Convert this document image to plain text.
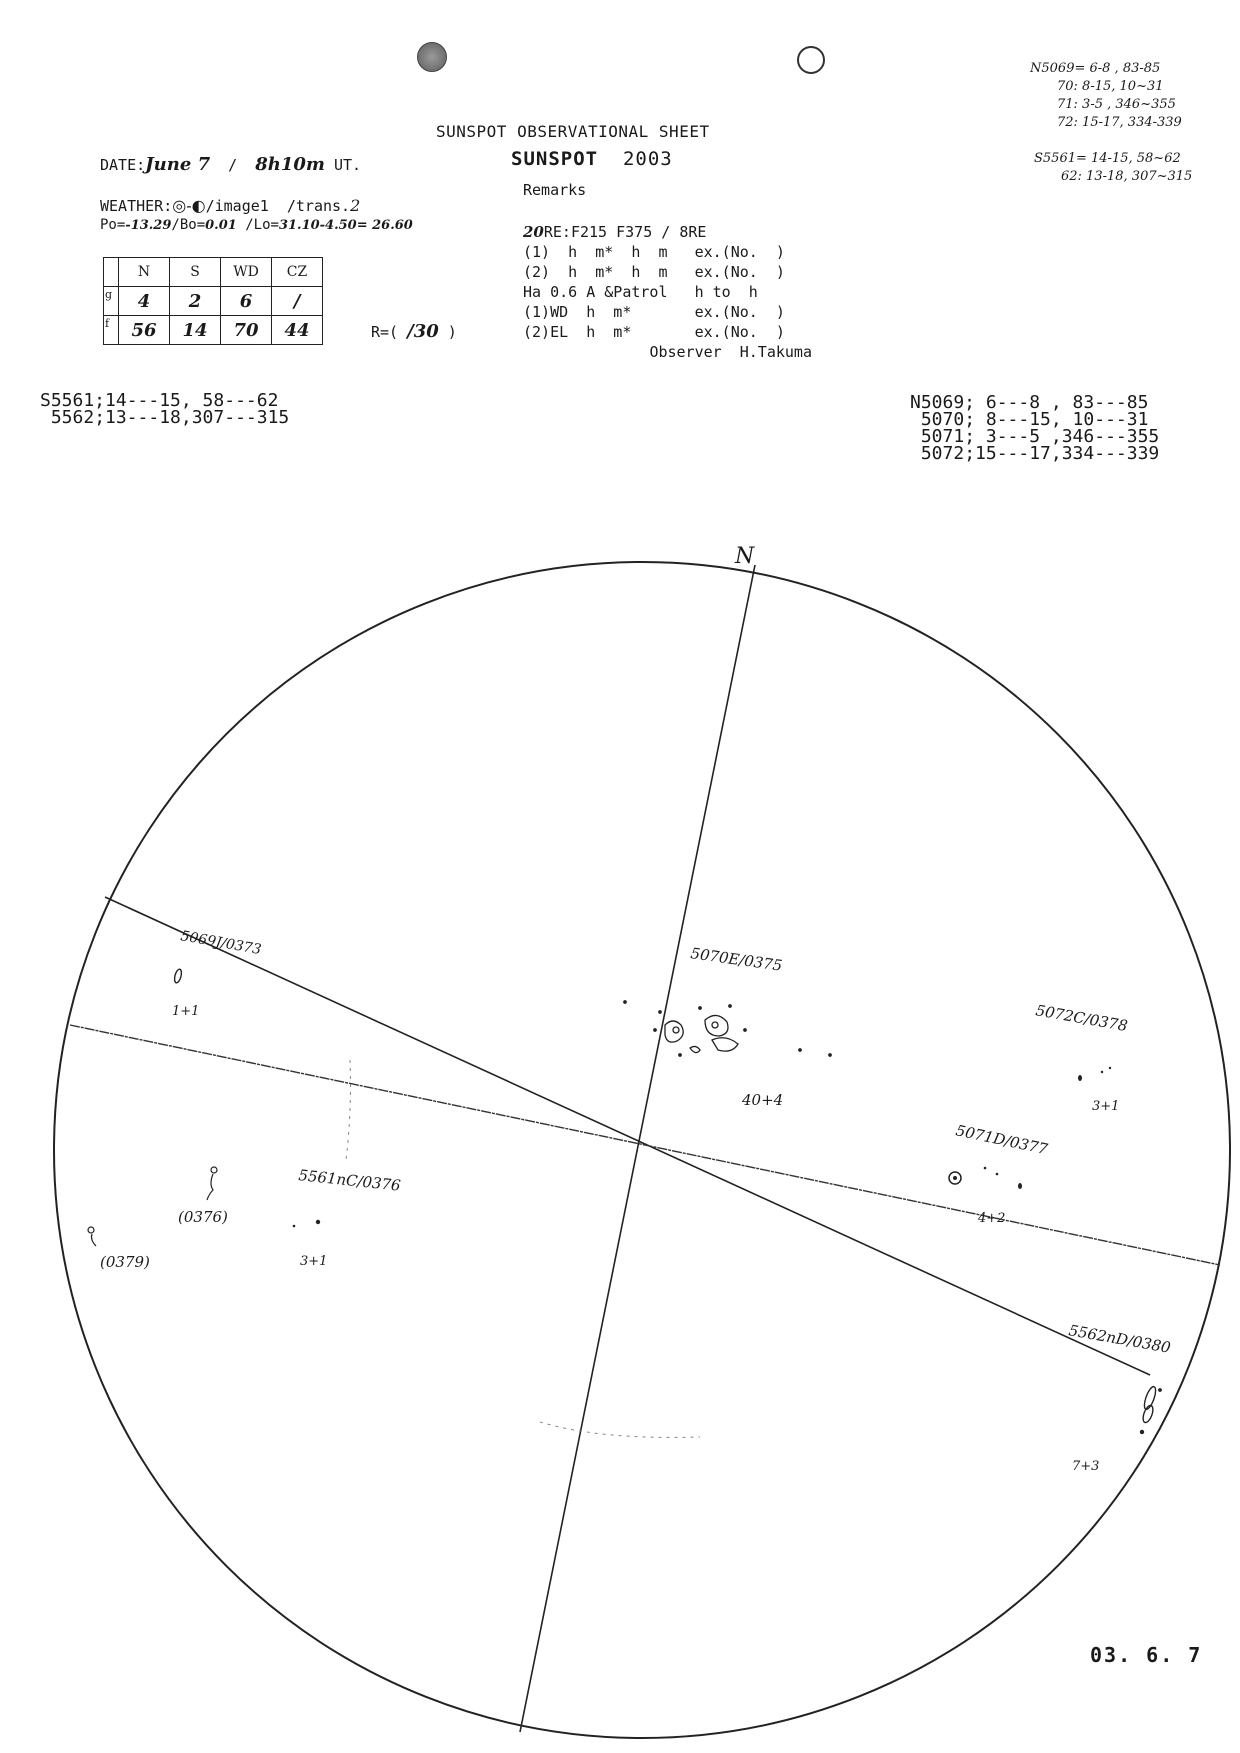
SUNSPOT OBSERVATIONAL SHEET
SUNSPOT 2003
Remarks
DATE:June 7 / 8h10m UT.
WEATHER:◎-◐/image1 /trans.2
Po=-13.29/Bo=0.01 /Lo=31.10-4.50= 26.60	20RE:F215 F375 / 8RE
(1)  h  m*  h  m   ex.(No.  )
(2)  h  m*  h  m   ex.(No.  )
Ha 0.6 A &Patrol   h to  h
(1)WD  h  m*       ex.(No.  )
(2)EL  h  m*       ex.(No.  )
Observer  H.Takuma
	N	S	WD	CZ
g	4	2	6	/
f	56	14	70	44	R=( /30 )
N5069= 6-8 , 83-85
70: 8-15, 10~31
71: 3-5 , 346~355
72: 15-17, 334-339
S5561= 14-15, 58~62
62: 13-18, 307~315
S5561;14---15, 58---62
5562;13---18,307---315
N5069; 6---8 , 83---85
5070; 8---15, 10---31
5071; 3---5 ,346---355
5072;15---17,334---339
N
5069J/0373
1+1
5070E/0375
40+4
5072C/0378
3+1
5071D/0377
4+2
5561nC/0376
3+1
(0376)
(0379)
5562nD/0380
7+3
03. 6. 7
